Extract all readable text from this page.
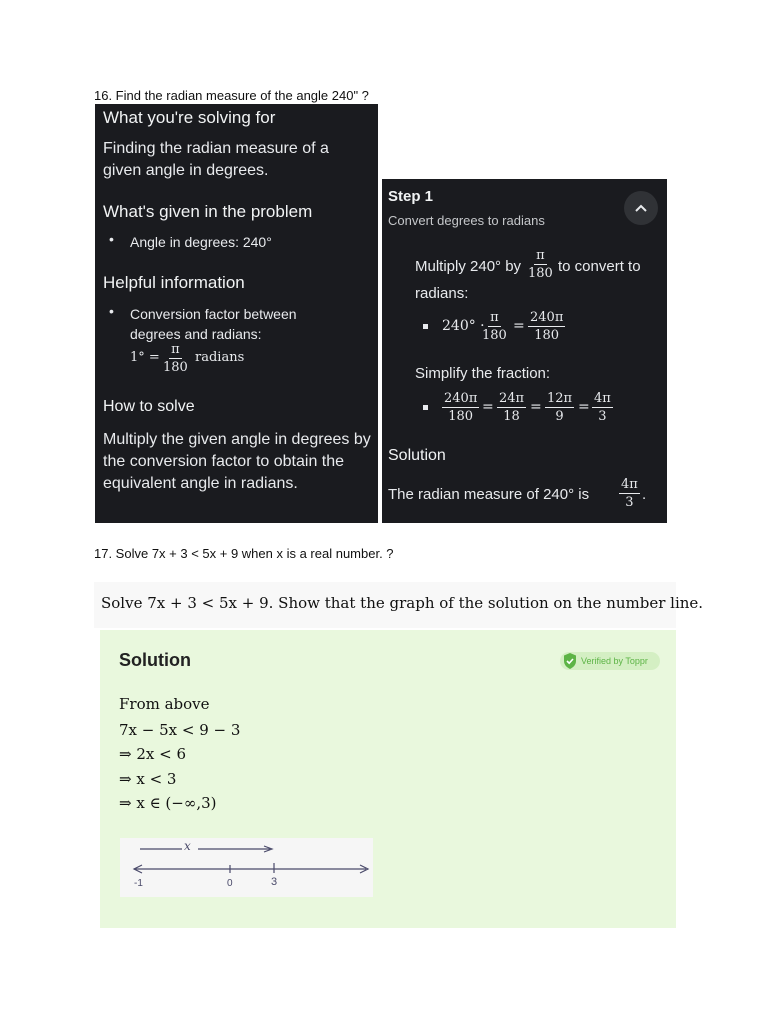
16. Find the radian measure of the angle 240" ?
What you're solving for
Finding the radian measure of a given angle in degrees.
What's given in the problem
• Angle in degrees: 240°
Helpful information
• Conversion factor between degrees and radians:
$1^\circ = \frac{\pi}{180}$ radians
How to solve
Multiply the given angle in degrees by the conversion factor to obtain the equivalent angle in radians.
Step 1
Convert degrees to radians
Multiply 240° by $\frac{\pi}{180}$ to convert to
radians:
240° ·
$\frac{\pi}{180} = \frac{240\pi}{180}$
Simplify the fraction:
$\frac{240\pi}{180} = \frac{24\pi}{18} = \frac{12\pi}{9} = \frac{4\pi}{3}$
Solution
The radian measure of 240° is $\frac{4\pi}{3}$ .
17. Solve 7x + 3 < 5x + 9 when x is a real number. ?
Solve 7x + 3 < 5x + 9. Show that the graph of the solution on the number line.
Solution	Verified by Toppr
From above
7x − 5x < 9 − 3
⇒ 2x < 6
⇒ x < 3
⇒ x ∈ (−∞,3)
x
-1	0	3
